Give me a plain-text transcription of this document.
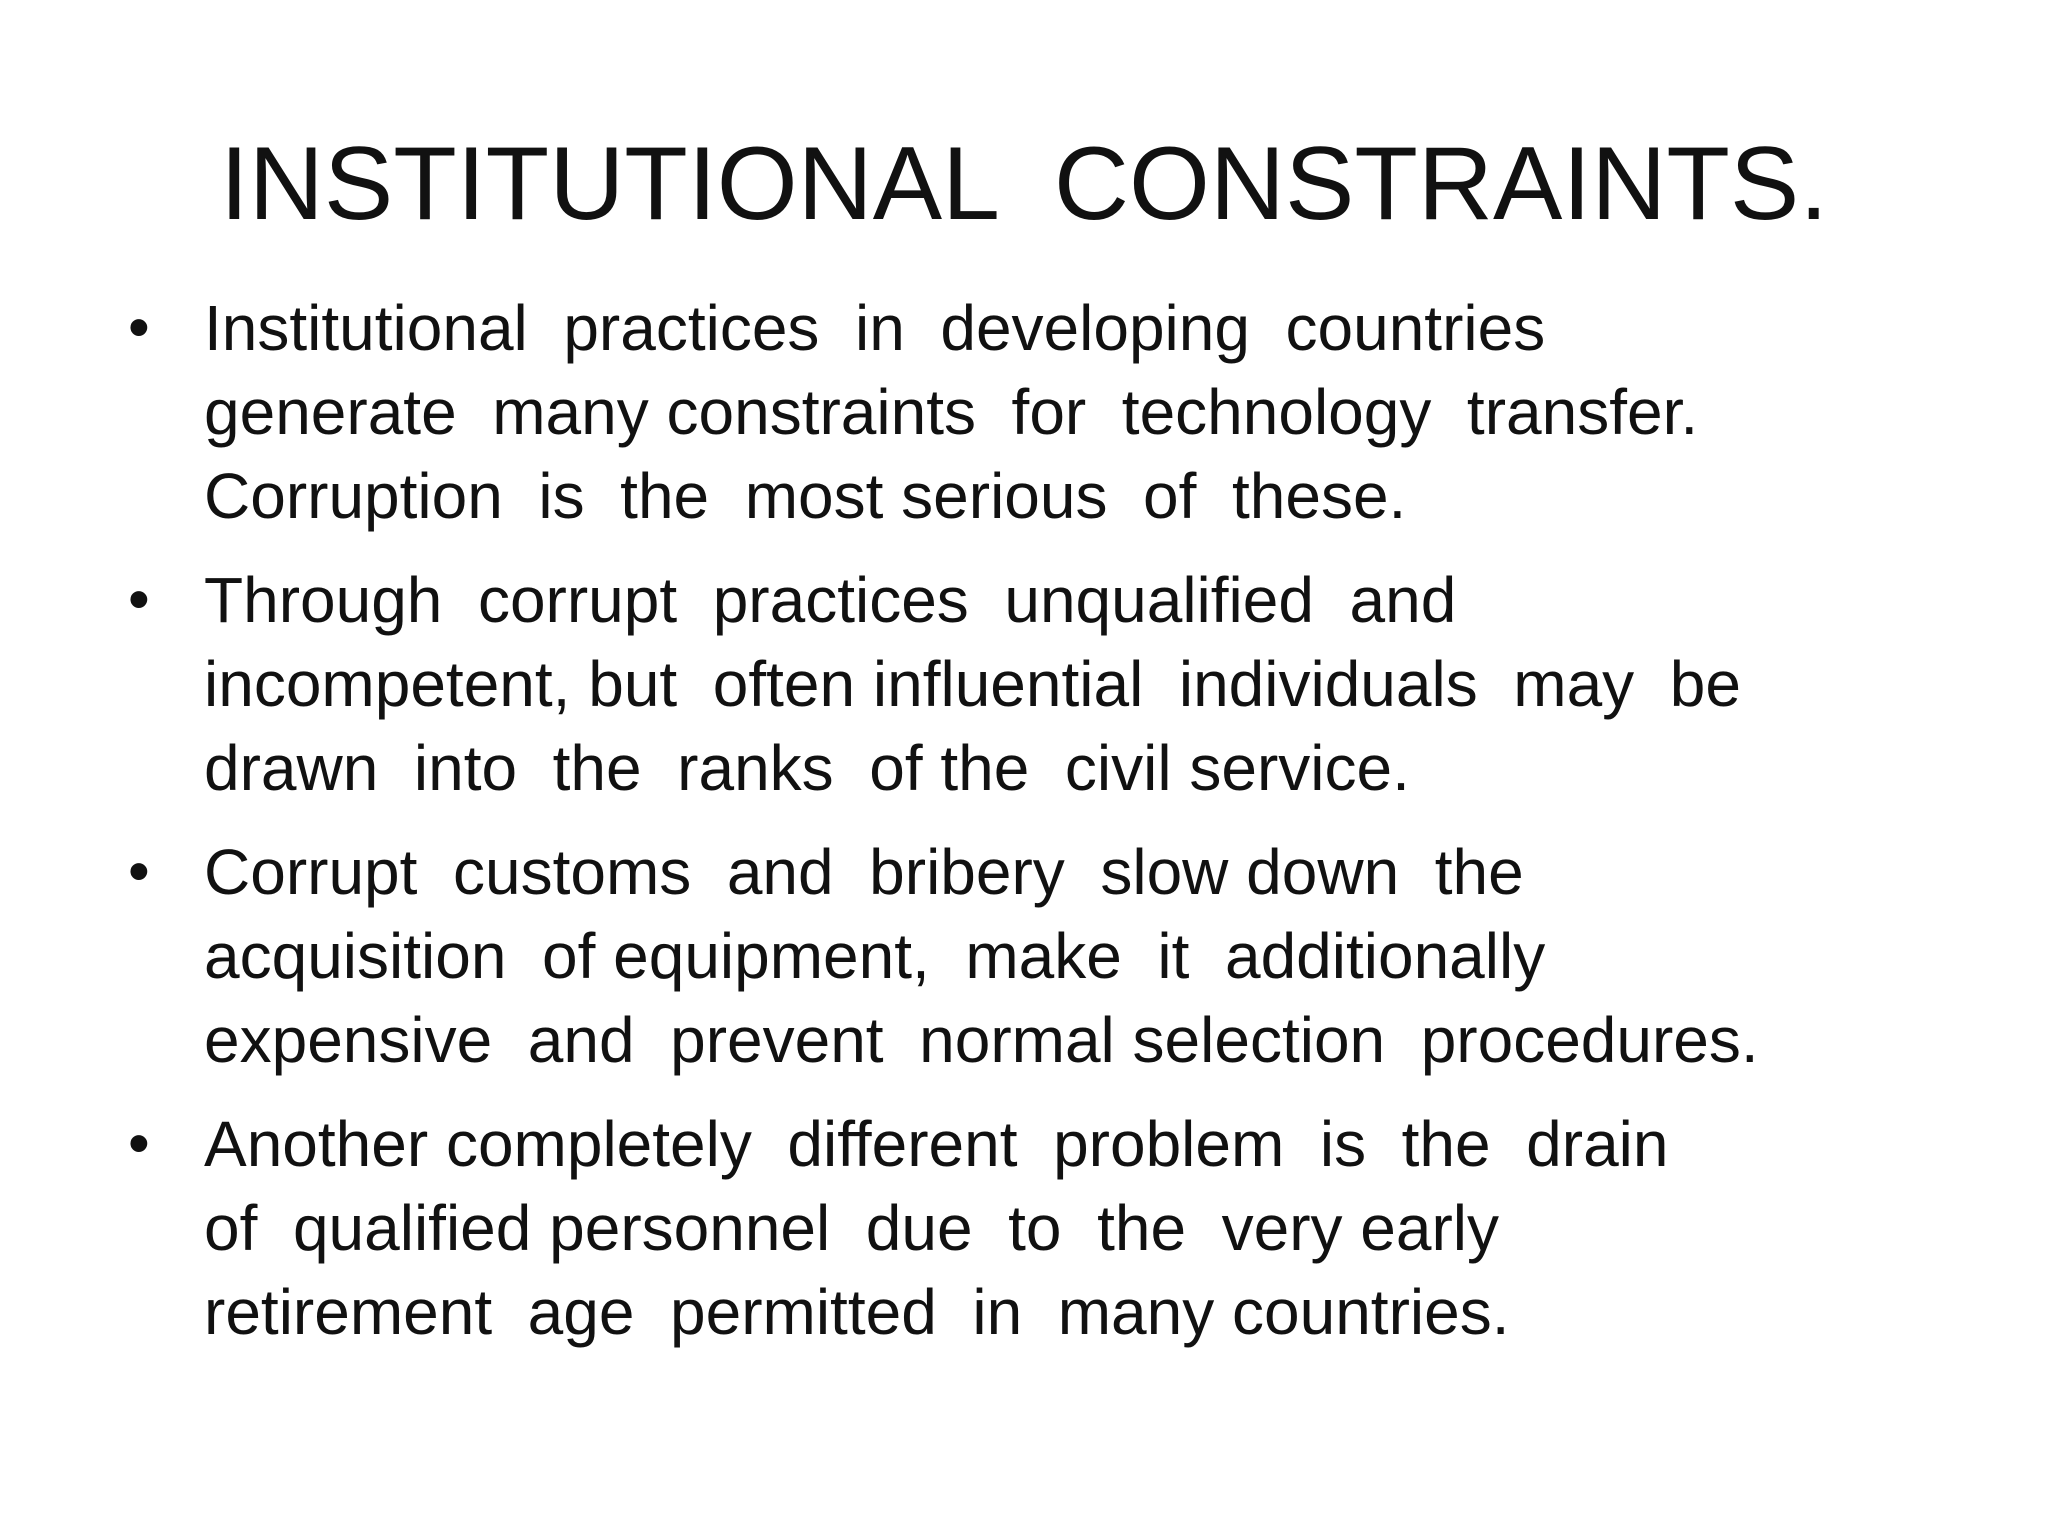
INSTITUTIONAL  CONSTRAINTS.
• Institutional  practices  in  developing  countries
generate  many constraints  for  technology  transfer.
Corruption  is  the  most serious  of  these.
• Through  corrupt  practices  unqualified  and
incompetent, but  often influential  individuals  may  be
drawn  into  the  ranks  of the  civil service.
• Corrupt  customs  and  bribery  slow down  the
acquisition  of equipment,  make  it  additionally
expensive  and  prevent  normal selection  procedures.
• Another completely  different  problem  is  the  drain
of  qualified personnel  due  to  the  very early
retirement  age  permitted  in  many countries.
